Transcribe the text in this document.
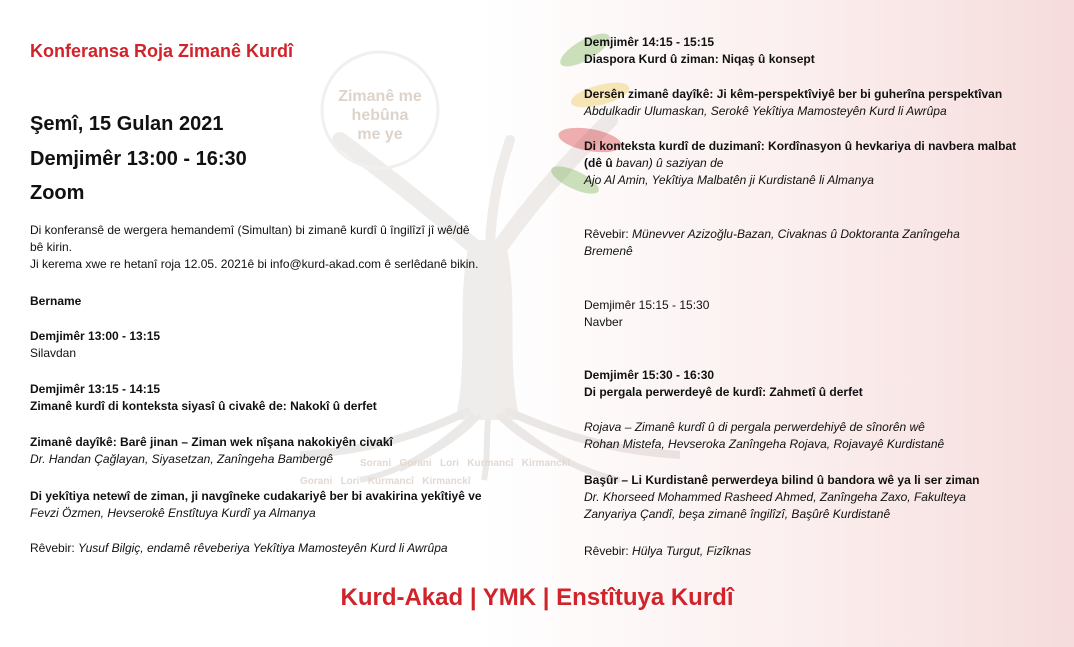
Zimanê me
hebûna
me ye
Sorani Gorani Lori Kurmancî Kirmanckî
Gorani Lori Kurmancî Kirmanckî
Konferansa Roja Zimanê Kurdî
Şemî, 15 Gulan 2021
Demjimêr 13:00 - 16:30
Zoom

Di konferansê de wergera hemandemî (Simultan) bi zimanê kurdî û îngilîzî jî wê/dê

bê kirin.

Ji kerema xwe re hetanî roja 12.05. 2021ê bi info@kurd-akad.com ê serlêdanê bikin.

Bername
Demjimêr 13:00 - 13:15
Silavdan
Demjimêr 13:15 - 14:15
Zimanê kurdî di konteksta siyasî û civakê de: Nakokî û derfet
Zimanê dayîkê: Barê jinan – Ziman wek nîşana nakokiyên civakî
Dr. Handan Çağlayan, Siyasetzan, Zanîngeha Bambergê
Di yekîtiya netewî de ziman, ji navgîneke cudakariyê ber bi avakirina yekîtiyê ve
Fevzi Özmen, Hevserokê Enstîtuya Kurdî ya Almanya
Rêvebir: Yusuf Bilgiç, endamê rêveberiya Yekîtiya Mamosteyên Kurd li Awrûpa
Demjimêr 14:15 - 15:15
Diaspora Kurd û ziman: Niqaş û konsept
Dersên zimanê dayîkê: Ji kêm-perspektîviyê ber bi guherîna perspektîvan
Abdulkadir Ulumaskan, Serokê Yekîtiya Mamosteyên Kurd li Awrûpa
Di konteksta kurdî de duzimanî: Kordînasyon û hevkariya di navbera malbat
(dê û bavan) û saziyan de
Ajo Al Amin, Yekîtiya Malbatên ji Kurdistanê li Almanya
Rêvebir: Münevver Azizoğlu-Bazan, Civaknas û Doktoranta Zanîngeha
Bremenê
Demjimêr 15:15 - 15:30
Navber
Demjimêr 15:30 - 16:30
Di pergala perwerdeyê de kurdî: Zahmetî û derfet
Rojava – Zimanê kurdî û di pergala perwerdehiyê de sînorên wê
Rohan Mistefa, Hevseroka Zanîngeha Rojava, Rojavayê Kurdistanê
Başûr – Li Kurdistanê perwerdeya bilind û bandora wê ya li ser ziman
Dr. Khorseed Mohammed Rasheed Ahmed, Zanîngeha Zaxo, Fakulteya
Zanyariya Çandî, beşa zimanê îngilîzî, Başûrê Kurdistanê
Rêvebir: Hülya Turgut, Fizîknas
Kurd-Akad | YMK | Enstîtuya Kurdî
